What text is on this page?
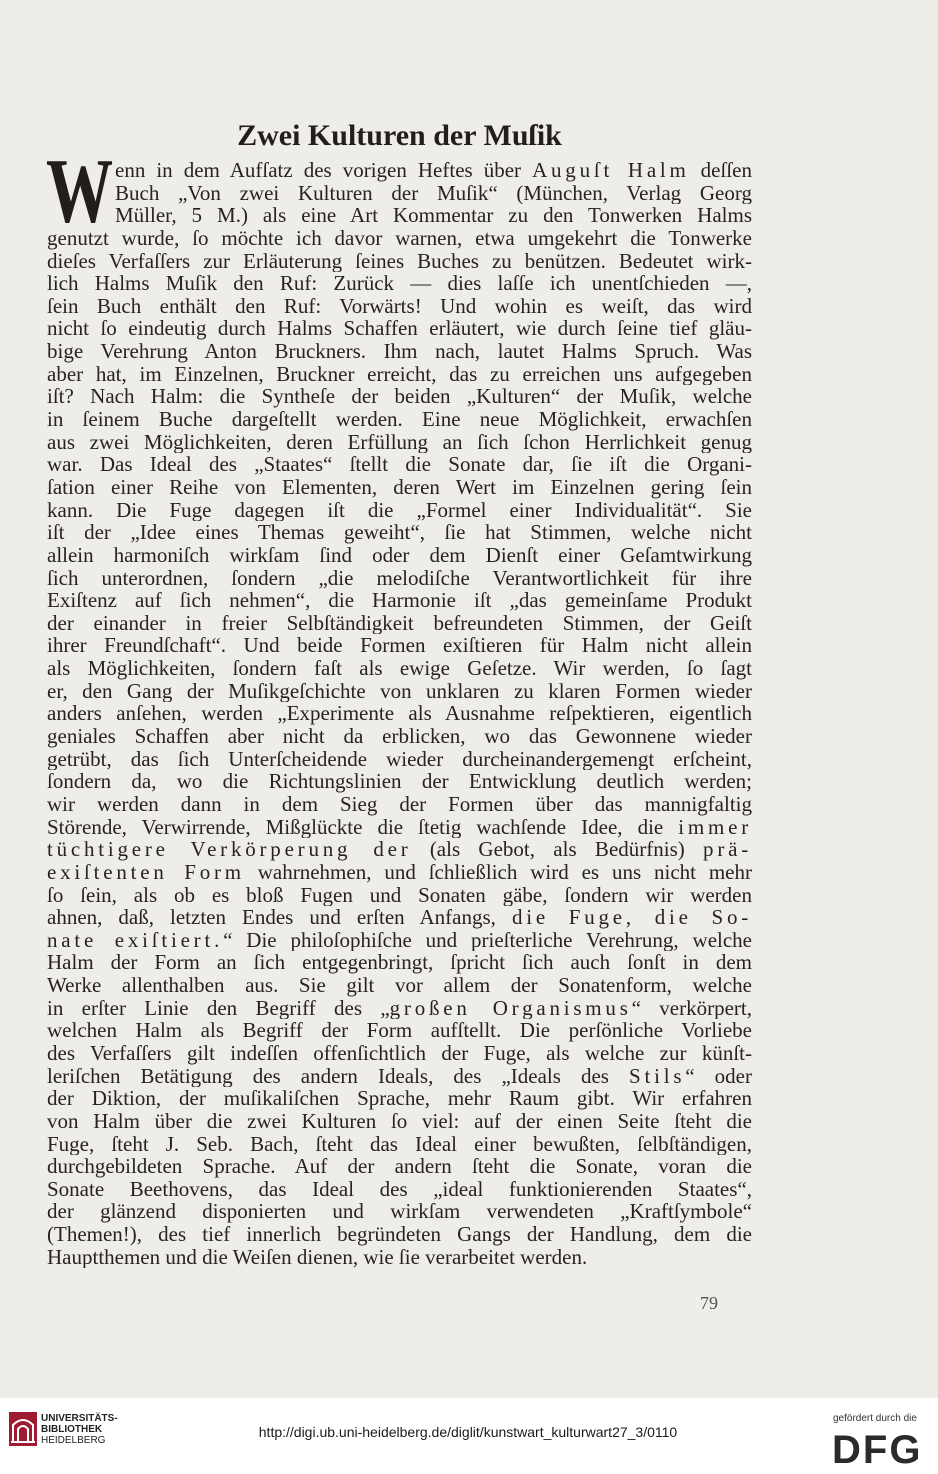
Zwei Kulturen der Muſik
W enn in dem Aufſatz des vorigen Heftes über Auguſt Halm deſſen
Buch „Von zwei Kulturen der Muſik“ (München, Verlag Georg
Müller, 5 M.) als eine Art Kommentar zu den Tonwerken Halms
genutzt wurde, ſo möchte ich davor warnen, etwa umgekehrt die Tonwerke
dieſes Verfaſſers zur Erläuterung ſeines Buches zu benützen. Bedeutet wirk-
lich Halms Muſik den Ruf: Zurück — dies laſſe ich unentſchieden —,
ſein Buch enthält den Ruf: Vorwärts! Und wohin es weiſt, das wird
nicht ſo eindeutig durch Halms Schaffen erläutert, wie durch ſeine tief gläu-
bige Verehrung Anton Bruckners. Ihm nach, lautet Halms Spruch. Was
aber hat, im Einzelnen, Bruckner erreicht, das zu erreichen uns aufgegeben
iſt? Nach Halm: die Syntheſe der beiden „Kulturen“ der Muſik, welche
in ſeinem Buche dargeſtellt werden. Eine neue Möglichkeit, erwachſen
aus zwei Möglichkeiten, deren Erfüllung an ſich ſchon Herrlichkeit genug
war. Das Ideal des „Staates“ ſtellt die Sonate dar, ſie iſt die Organi-
ſation einer Reihe von Elementen, deren Wert im Einzelnen gering ſein
kann. Die Fuge dagegen iſt die „Formel einer Individualität“. Sie
iſt der „Idee eines Themas geweiht“, ſie hat Stimmen, welche nicht
allein harmoniſch wirkſam ſind oder dem Dienſt einer Geſamtwirkung
ſich unterordnen, ſondern „die melodiſche Verantwortlichkeit für ihre
Exiſtenz auf ſich nehmen“, die Harmonie iſt „das gemeinſame Produkt
der einander in freier Selbſtändigkeit befreundeten Stimmen, der Geiſt
ihrer Freundſchaft“. Und beide Formen exiſtieren für Halm nicht allein
als Möglichkeiten, ſondern faſt als ewige Geſetze. Wir werden, ſo ſagt
er, den Gang der Muſikgeſchichte von unklaren zu klaren Formen wieder
anders anſehen, werden „Experimente als Ausnahme reſpektieren, eigentlich
geniales Schaffen aber nicht da erblicken, wo das Gewonnene wieder
getrübt, das ſich Unterſcheidende wieder durcheinandergemengt erſcheint,
ſondern da, wo die Richtungslinien der Entwicklung deutlich werden;
wir werden dann in dem Sieg der Formen über das mannigfaltig
Störende, Verwirrende, Mißglückte die ſtetig wachſende Idee, die immer
tüchtigere Verkörperung der (als Gebot, als Bedürfnis) prä-
exiſtenten Form wahrnehmen, und ſchließlich wird es uns nicht mehr
ſo ſein, als ob es bloß Fugen und Sonaten gäbe, ſondern wir werden
ahnen, daß, letzten Endes und erſten Anfangs, die Fuge, die So-
nate exiſtiert.“ Die philoſophiſche und prieſterliche Verehrung, welche
Halm der Form an ſich entgegenbringt, ſpricht ſich auch ſonſt in dem
Werke allenthalben aus. Sie gilt vor allem der Sonatenform, welche
in erſter Linie den Begriff des „großen Organismus“ verkörpert,
welchen Halm als Begriff der Form aufſtellt. Die perſönliche Vorliebe
des Verfaſſers gilt indeſſen offenſichtlich der Fuge, als welche zur künſt-
leriſchen Betätigung des andern Ideals, des „Ideals des Stils“ oder
der Diktion, der muſikaliſchen Sprache, mehr Raum gibt. Wir erfahren
von Halm über die zwei Kulturen ſo viel: auf der einen Seite ſteht die
Fuge, ſteht J. Seb. Bach, ſteht das Ideal einer bewußten, ſelbſtändigen,
durchgebildeten Sprache. Auf der andern ſteht die Sonate, voran die
Sonate Beethovens, das Ideal des „ideal funktionierenden Staates“,
der glänzend disponierten und wirkſam verwendeten „Kraftſymbole“
(Themen!), des tief innerlich begründeten Gangs der Handlung, dem die
Hauptthemen und die Weiſen dienen, wie ſie verarbeitet werden.
79
UNIVERSITÄTS-
BIBLIOTHEK
HEIDELBERG
http://digi.ub.uni-heidelberg.de/diglit/kunstwart_kulturwart27_3/0110
gefördert durch die
DFG
